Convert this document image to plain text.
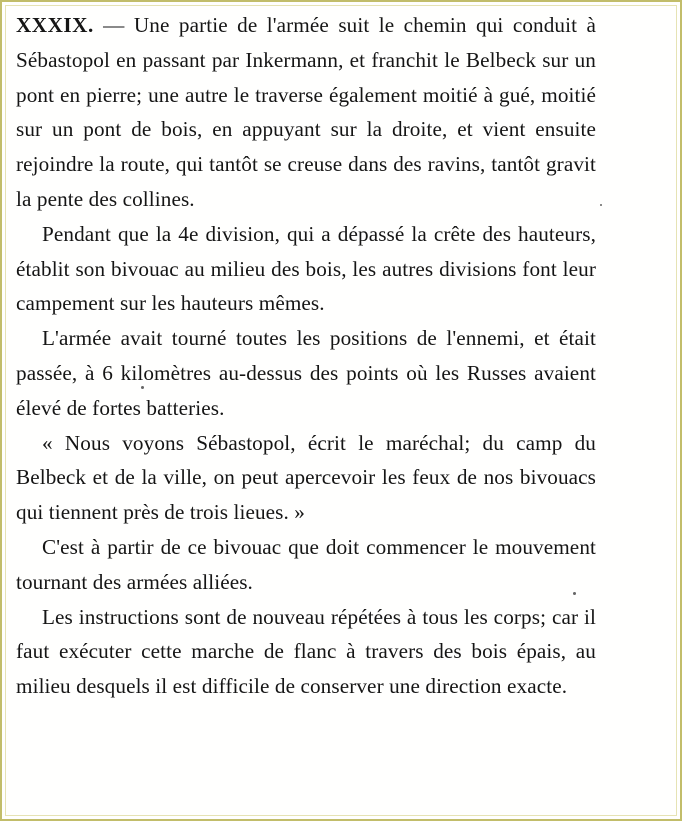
XXXIX. — Une partie de l'armée suit le chemin qui conduit à Sébastopol en passant par Inkermann, et franchit le Belbeck sur un pont en pierre; une autre le traverse également moitié à gué, moitié sur un pont de bois, en appuyant sur la droite, et vient ensuite rejoindre la route, qui tantôt se creuse dans des ravins, tantôt gravit la pente des collines.

Pendant que la 4e division, qui a dépassé la crête des hauteurs, établit son bivouac au milieu des bois, les autres divisions font leur campement sur les hauteurs mêmes.

L'armée avait tourné toutes les positions de l'ennemi, et était passée, à 6 kilomètres au-dessus des points où les Russes avaient élevé de fortes batteries.

« Nous voyons Sébastopol, écrit le maréchal; du camp du Belbeck et de la ville, on peut apercevoir les feux de nos bivouacs qui tiennent près de trois lieues. »

C'est à partir de ce bivouac que doit commencer le mouvement tournant des armées alliées.

Les instructions sont de nouveau répétées à tous les corps; car il faut exécuter cette marche de flanc à travers des bois épais, au milieu desquels il est difficile de conserver une direction exacte.
